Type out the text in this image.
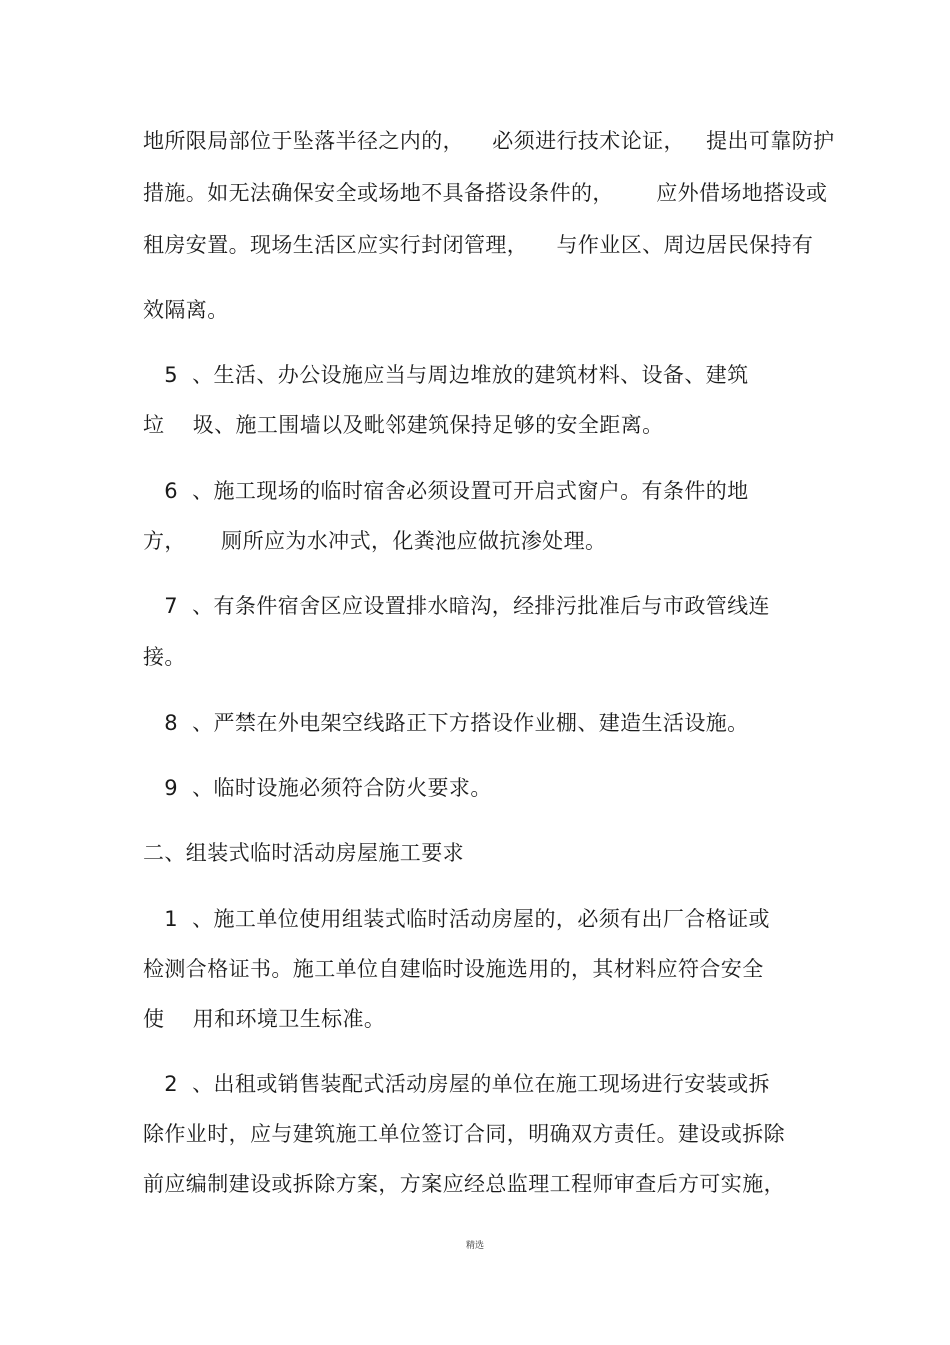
地所限局部位于坠落半径之内的，    必须进行技术论证，   提出可靠防护
措施。如无法确保安全或场地不具备搭设条件的，      应外借场地搭设或
租房安置。现场生活区应实行封闭管理，    与作业区、周边居民保持有
效隔离。
5  、生活、办公设施应当与周边堆放的建筑材料、设备、建筑
垃    圾、施工围墙以及毗邻建筑保持足够的安全距离。
6  、施工现场的临时宿舍必须设置可开启式窗户。有条件的地
方，     厕所应为水冲式，化粪池应做抗渗处理。
7  、有条件宿舍区应设置排水暗沟，经排污批准后与市政管线连
接。
8  、严禁在外电架空线路正下方搭设作业棚、建造生活设施。
9  、临时设施必须符合防火要求。
二、组装式临时活动房屋施工要求
1  、施工单位使用组装式临时活动房屋的，必须有出厂合格证或
检测合格证书。施工单位自建临时设施选用的，其材料应符合安全
使    用和环境卫生标准。
2  、出租或销售装配式活动房屋的单位在施工现场进行安装或拆
除作业时，应与建筑施工单位签订合同，明确双方责任。建设或拆除
前应编制建设或拆除方案，方案应经总监理工程师审查后方可实施，
精选
